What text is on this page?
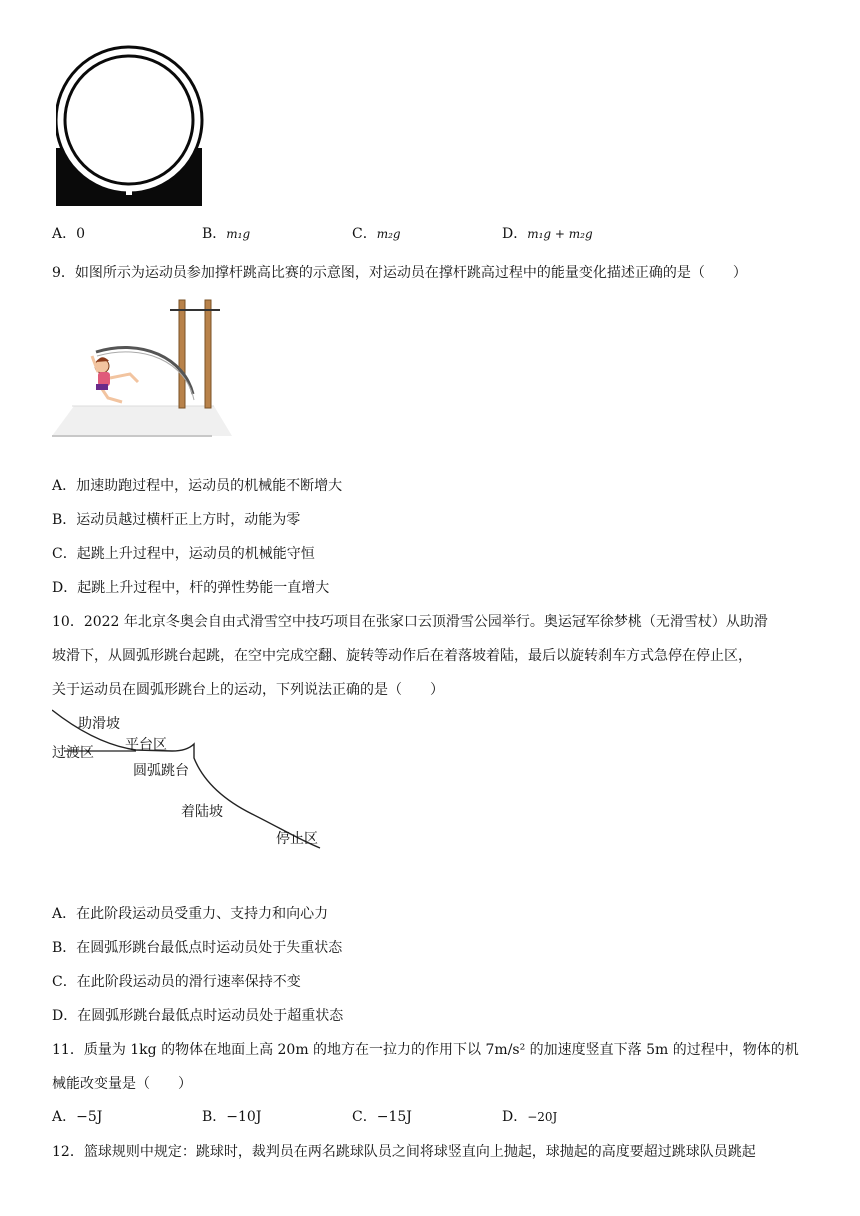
A．0	B．m₁g	C．m₂g	D．m₁g + m₂g
9．如图所示为运动员参加撑杆跳高比赛的示意图，对运动员在撑杆跳高过程中的能量变化描述正确的是（　　）
A．加速助跑过程中，运动员的机械能不断增大
B．运动员越过横杆正上方时，动能为零
C．起跳上升过程中，运动员的机械能守恒
D．起跳上升过程中，杆的弹性势能一直增大
10．2022 年北京冬奥会自由式滑雪空中技巧项目在张家口云顶滑雪公园举行。奥运冠军徐梦桃（无滑雪杖）从助滑
坡滑下，从圆弧形跳台起跳，在空中完成空翻、旋转等动作后在着落坡着陆，最后以旋转刹车方式急停在停止区，
关于运动员在圆弧形跳台上的运动，下列说法正确的是（　　）
助滑坡
平台区
过渡区
圆弧跳台
着陆坡
停止区
A．在此阶段运动员受重力、支持力和向心力
B．在圆弧形跳台最低点时运动员处于失重状态
C．在此阶段运动员的滑行速率保持不变
D．在圆弧形跳台最低点时运动员处于超重状态
11．质量为 1kg 的物体在地面上高 20m 的地方在一拉力的作用下以 7m/s² 的加速度竖直下落 5m 的过程中，物体的机
械能改变量是（　　）
A．−5J	B．−10J	C．−15J	D．−20J
12．篮球规则中规定：跳球时，裁判员在两名跳球队员之间将球竖直向上抛起，球抛起的高度要超过跳球队员跳起
